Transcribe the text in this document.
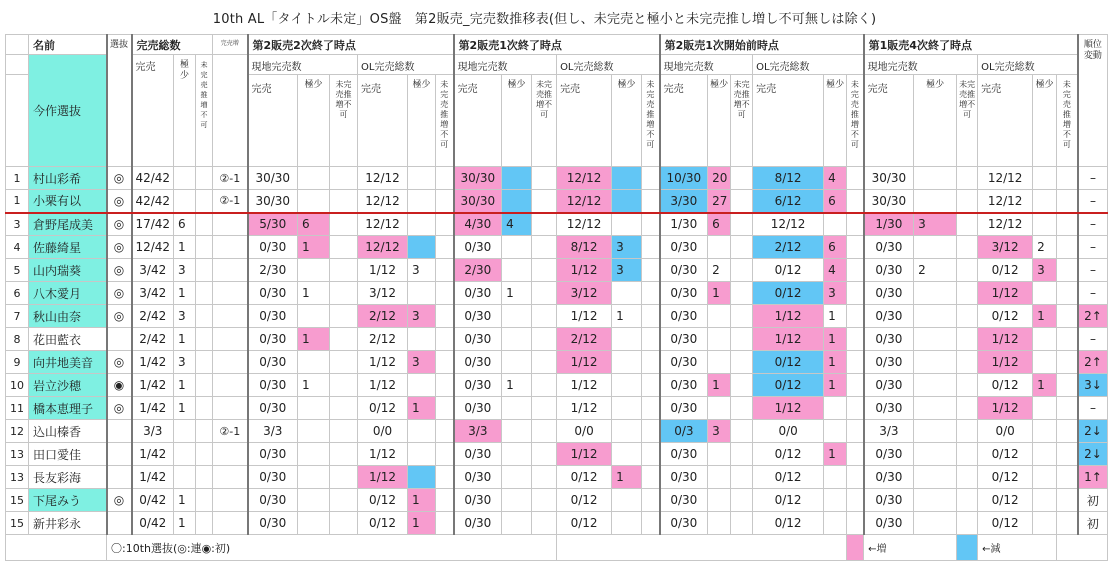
10th AL「タイトル未定」OS盤　第2販売_完売数推移表(但し、未完売と極小と未完売推し増し不可無しは除く)
	名前	選抜	完売総数			完売増	第2販売2次終了時点						第2販売1次終了時点						第2販売1次開始前時点						第1販売4次終了時点						順位変動
	今作選抜		完売	極少	未完売推増不可		現地完売数			OL完売総数			現地完売数			OL完売総数			現地完売数			OL完売総数			現地完売数			OL完売総数			
							完売	極少	未完売推増不可	完売	極少	未完売推増不可	完売	極少	未完売推増不可	完売	極少	未完売推増不可	完売	極少	未完売推増不可	完売	極少	未完売推増不可	完売	極少	未完売推増不可	完売	極少	未完売推増不可	
1	村山彩希	◎	42/42			②-1	30/30			12/12			30/30			12/12			10/30	20		8/12	4		30/30			12/12			–
1	小栗有以	◎	42/42			②-1	30/30			12/12			30/30			12/12			3/30	27		6/12	6		30/30			12/12			–
3	倉野尾成美	◎	17/42	6			5/30	6		12/12			4/30	4		12/12			1/30	6		12/12			1/30	3		12/12			–
4	佐藤綺星	◎	12/42	1			0/30	1		12/12			0/30			8/12	3		0/30			2/12	6		0/30			3/12	2		–
5	山内瑞葵	◎	3/42	3			2/30			1/12	3		2/30			1/12	3		0/30	2		0/12	4		0/30	2		0/12	3		–
6	八木愛月	◎	3/42	1			0/30	1		3/12			0/30	1		3/12			0/30	1		0/12	3		0/30			1/12			–
7	秋山由奈	◎	2/42	3			0/30			2/12	3		0/30			1/12	1		0/30			1/12	1		0/30			0/12	1		2↑
8	花田藍衣		2/42	1			0/30	1		2/12			0/30			2/12			0/30			1/12	1		0/30			1/12			–
9	向井地美音	◎	1/42	3			0/30			1/12	3		0/30			1/12			0/30			0/12	1		0/30			1/12			2↑
10	岩立沙穂	◉	1/42	1			0/30	1		1/12			0/30	1		1/12			0/30	1		0/12	1		0/30			0/12	1		3↓
11	橋本恵理子	◎	1/42	1			0/30			0/12	1		0/30			1/12			0/30			1/12			0/30			1/12			–
12	込山榛香		3/3			②-1	3/3			0/0			3/3			0/0			0/3	3		0/0			3/3			0/0			2↓
13	田口愛佳		1/42				0/30			1/12			0/30			1/12			0/30			0/12	1		0/30			0/12			2↓
13	長友彩海		1/42				0/30			1/12			0/30			0/12	1		0/30			0/12			0/30			0/12			1↑
15	下尾みう	◎	0/42	1			0/30			0/12	1		0/30			0/12			0/30			0/12			0/30			0/12			初
15	新井彩永		0/42	1			0/30			0/12	1		0/30			0/12			0/30			0/12			0/30			0/12			初
		〇:10th選抜(◎:連◉:初)																							←増			←減			
